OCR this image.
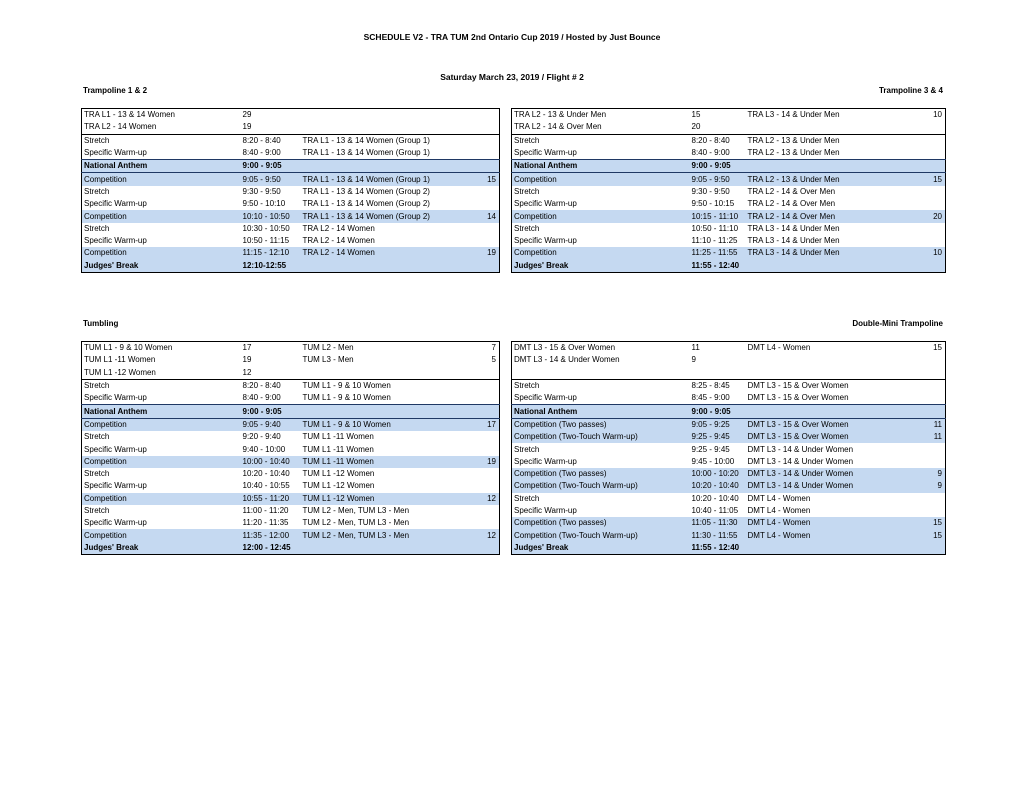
SCHEDULE V2 - TRA TUM 2nd Ontario Cup 2019 / Hosted by Just Bounce
Saturday March 23, 2019 / Flight # 2
Trampoline 1 & 2	Trampoline 3 & 4
Tumbling	Double-Mini Trampoline
TRA L1 - 13 & 14 Women	29		
TRA L2 - 14 Women	19		
Stretch	8:20 - 8:40	TRA L1 - 13 & 14 Women (Group 1)	
Specific Warm-up	8:40 - 9:00	TRA L1 - 13 & 14 Women (Group 1)	
National Anthem	9:00 - 9:05		
Competition	9:05 - 9:50	TRA L1 - 13 & 14 Women (Group 1)	15
Stretch	9:30 - 9:50	TRA L1 - 13 & 14 Women (Group 2)	
Specific Warm-up	9:50 - 10:10	TRA L1 - 13 & 14 Women (Group 2)	
Competition	10:10 - 10:50	TRA L1 - 13 & 14 Women (Group 2)	14
Stretch	10:30 - 10:50	TRA L2 - 14 Women	
Specific Warm-up	10:50 - 11:15	TRA L2 - 14 Women	
Competition	11:15 - 12:10	TRA L2 - 14 Women	19
Judges' Break	12:10-12:55		
TRA L2 - 13 & Under Men	15	TRA L3 - 14 & Under Men	10
TRA L2 - 14 & Over Men	20		
Stretch	8:20 - 8:40	TRA L2 - 13 & Under Men	
Specific Warm-up	8:40 - 9:00	TRA L2 - 13 & Under Men	
National Anthem	9:00 - 9:05		
Competition	9:05 - 9:50	TRA L2 - 13 & Under Men	15
Stretch	9:30 - 9:50	TRA L2 - 14 & Over Men	
Specific Warm-up	9:50 - 10:15	TRA L2 - 14 & Over Men	
Competition	10:15 - 11:10	TRA L2 - 14 & Over Men	20
Stretch	10:50 - 11:10	TRA L3 - 14 & Under Men	
Specific Warm-up	11:10 - 11:25	TRA L3 - 14 & Under Men	
Competition	11:25 - 11:55	TRA L3 - 14 & Under Men	10
Judges' Break	11:55 - 12:40		
TUM L1 - 9 & 10 Women	17	TUM L2 - Men	7
TUM L1 -11 Women	19	TUM L3 - Men	5
TUM L1 -12 Women	12		
Stretch	8:20 - 8:40	TUM L1 - 9 & 10 Women	
Specific Warm-up	8:40 - 9:00	TUM L1 - 9 & 10 Women	
National Anthem	9:00 - 9:05		
Competition	9:05 - 9:40	TUM L1 - 9 & 10 Women	17
Stretch	9:20 - 9:40	TUM L1 -11 Women	
Specific Warm-up	9:40 - 10:00	TUM L1 -11 Women	
Competition	10:00 - 10:40	TUM L1 -11 Women	19
Stretch	10:20 - 10:40	TUM L1 -12 Women	
Specific Warm-up	10:40 - 10:55	TUM L1 -12 Women	
Competition	10:55 - 11:20	TUM L1 -12 Women	12
Stretch	11:00 - 11:20	TUM L2 - Men, TUM L3 - Men	
Specific Warm-up	11:20 - 11:35	TUM L2 - Men, TUM L3 - Men	
Competition	11:35 - 12:00	TUM L2 - Men, TUM L3 - Men	12
Judges' Break	12:00 - 12:45		
DMT L3 - 15 & Over Women	11	DMT L4 - Women	15
DMT L3 - 14 & Under Women	9		

Stretch	8:25 - 8:45	DMT L3 - 15 & Over Women	
Specific Warm-up	8:45 - 9:00	DMT L3 - 15 & Over Women	
National Anthem	9:00 - 9:05		
Competition (Two passes)	9:05 - 9:25	DMT L3 - 15 & Over Women	11
Competition (Two-Touch Warm-up)	9:25 - 9:45	DMT L3 - 15 & Over Women	11
Stretch	9:25 - 9:45	DMT L3 - 14 & Under Women	
Specific Warm-up	9:45 - 10:00	DMT L3 - 14 & Under Women	
Competition (Two passes)	10:00 - 10:20	DMT L3 - 14 & Under Women	9
Competition (Two-Touch Warm-up)	10:20 - 10:40	DMT L3 - 14 & Under Women	9
Stretch	10:20 - 10:40	DMT L4 - Women	
Specific Warm-up	10:40 - 11:05	DMT L4 - Women	
Competition (Two passes)	11:05 - 11:30	DMT L4 - Women	15
Competition (Two-Touch Warm-up)	11:30 - 11:55	DMT L4 - Women	15
Judges' Break	11:55 - 12:40		
